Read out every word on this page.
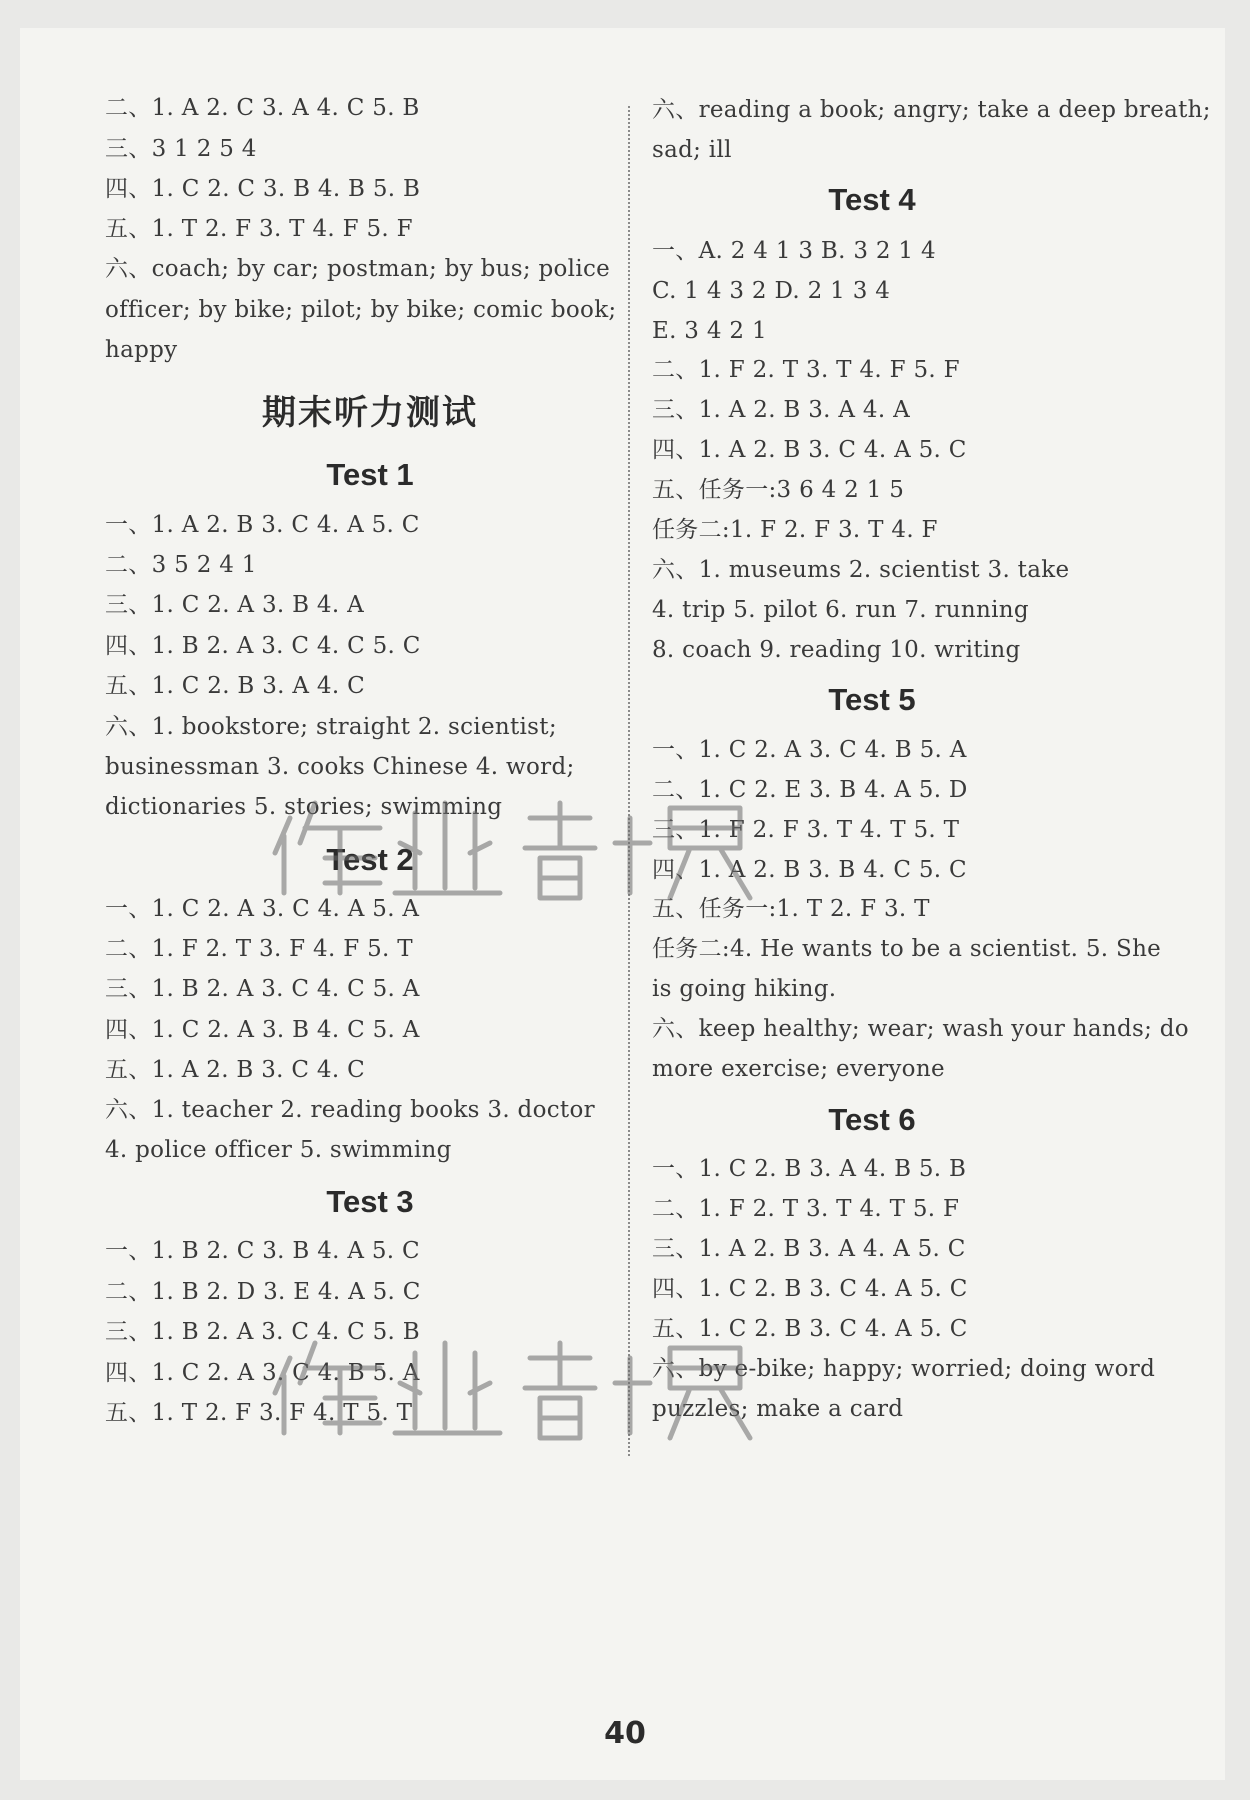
二、1. A 2. C 3. A 4. C 5. B
三、3 1 2 5 4
四、1. C 2. C 3. B 4. B 5. B
五、1. T 2. F 3. T 4. F 5. F
六、coach; by car; postman; by bus; police
officer; by bike; pilot; by bike; comic book;
happy
期末听力测试
Test 1
一、1. A 2. B 3. C 4. A 5. C
二、3 5 2 4 1
三、1. C 2. A 3. B 4. A
四、1. B 2. A 3. C 4. C 5. C
五、1. C 2. B 3. A 4. C
六、1. bookstore; straight 2. scientist;
businessman 3. cooks Chinese 4. word;
dictionaries 5. stories; swimming
Test 2
一、1. C 2. A 3. C 4. A 5. A
二、1. F 2. T 3. F 4. F 5. T
三、1. B 2. A 3. C 4. C 5. A
四、1. C 2. A 3. B 4. C 5. A
五、1. A 2. B 3. C 4. C
六、1. teacher 2. reading books 3. doctor
4. police officer 5. swimming
Test 3
一、1. B 2. C 3. B 4. A 5. C
二、1. B 2. D 3. E 4. A 5. C
三、1. B 2. A 3. C 4. C 5. B
四、1. C 2. A 3. C 4. B 5. A
五、1. T 2. F 3. F 4. T 5. T
六、reading a book; angry; take a deep breath;
sad; ill
Test 4
一、A. 2 4 1 3 B. 3 2 1 4
C. 1 4 3 2 D. 2 1 3 4
E. 3 4 2 1
二、1. F 2. T 3. T 4. F 5. F
三、1. A 2. B 3. A 4. A
四、1. A 2. B 3. C 4. A 5. C
五、任务一:3 6 4 2 1 5
任务二:1. F 2. F 3. T 4. F
六、1. museums 2. scientist 3. take
4. trip 5. pilot 6. run 7. running
8. coach 9. reading 10. writing
Test 5
一、1. C 2. A 3. C 4. B 5. A
二、1. C 2. E 3. B 4. A 5. D
三、1. F 2. F 3. T 4. T 5. T
四、1. A 2. B 3. B 4. C 5. C
五、任务一:1. T 2. F 3. T
任务二:4. He wants to be a scientist. 5. She
is going hiking.
六、keep healthy; wear; wash your hands; do
more exercise; everyone
Test 6
一、1. C 2. B 3. A 4. B 5. B
二、1. F 2. T 3. T 4. T 5. F
三、1. A 2. B 3. A 4. A 5. C
四、1. C 2. B 3. C 4. A 5. C
五、1. C 2. B 3. C 4. A 5. C
六、by e-bike; happy; worried; doing word
puzzles; make a card
40
